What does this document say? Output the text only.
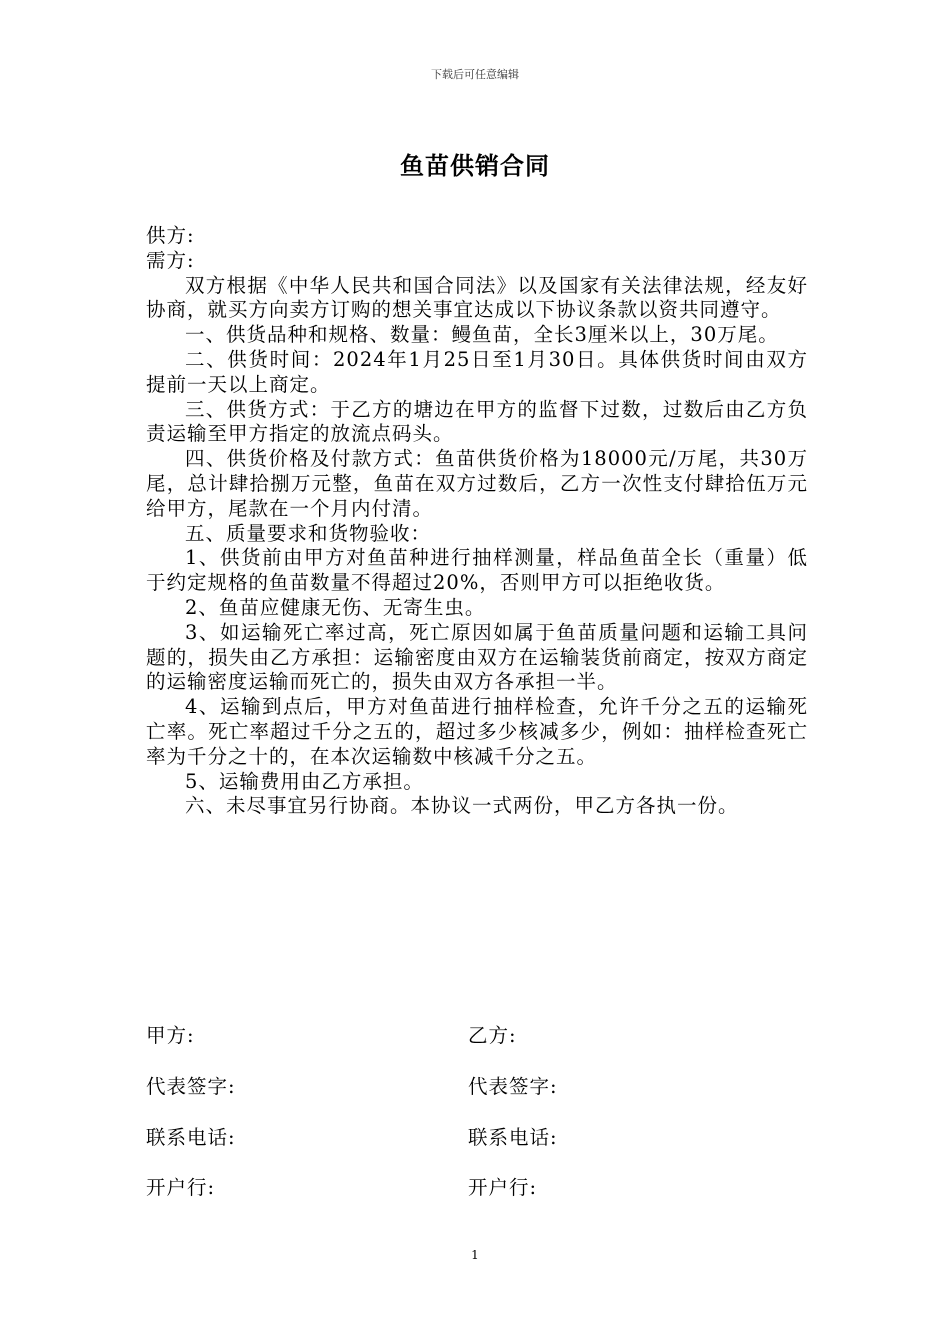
下载后可任意编辑
鱼苗供销合同

供方:

需方:

双方根据《中华人民共和国合同法》以及国家有关法律法规，经友好协商，就买方向卖方订购的想关事宜达成以下协议条款以资共同遵守。

一、供货品种和规格、数量：鳗鱼苗，全长3厘米以上，30万尾。

二、供货时间：2024年1月25日至1月30日。具体供货时间由双方提前一天以上商定。

三、供货方式：于乙方的塘边在甲方的监督下过数，过数后由乙方负责运输至甲方指定的放流点码头。

四、供货价格及付款方式：鱼苗供货价格为18000元/万尾，共30万尾，总计肆拾捌万元整，鱼苗在双方过数后，乙方一次性支付肆拾伍万元给甲方，尾款在一个月内付清。

五、质量要求和货物验收：

1、供货前由甲方对鱼苗种进行抽样测量，样品鱼苗全长（重量）低于约定规格的鱼苗数量不得超过20%，否则甲方可以拒绝收货。

2、鱼苗应健康无伤、无寄生虫。

3、如运输死亡率过高，死亡原因如属于鱼苗质量问题和运输工具问题的，损失由乙方承担：运输密度由双方在运输装货前商定，按双方商定的运输密度运输而死亡的，损失由双方各承担一半。

4、运输到点后，甲方对鱼苗进行抽样检查，允许千分之五的运输死亡率。死亡率超过千分之五的，超过多少核减多少，例如：抽样检查死亡率为千分之十的，在本次运输数中核减千分之五。

5、运输费用由乙方承担。

六、未尽事宜另行协商。本协议一式两份，甲乙方各执一份。

甲方:	乙方:
代表签字:	代表签字:
联系电话:	联系电话:
开户行:	开户行:
1
